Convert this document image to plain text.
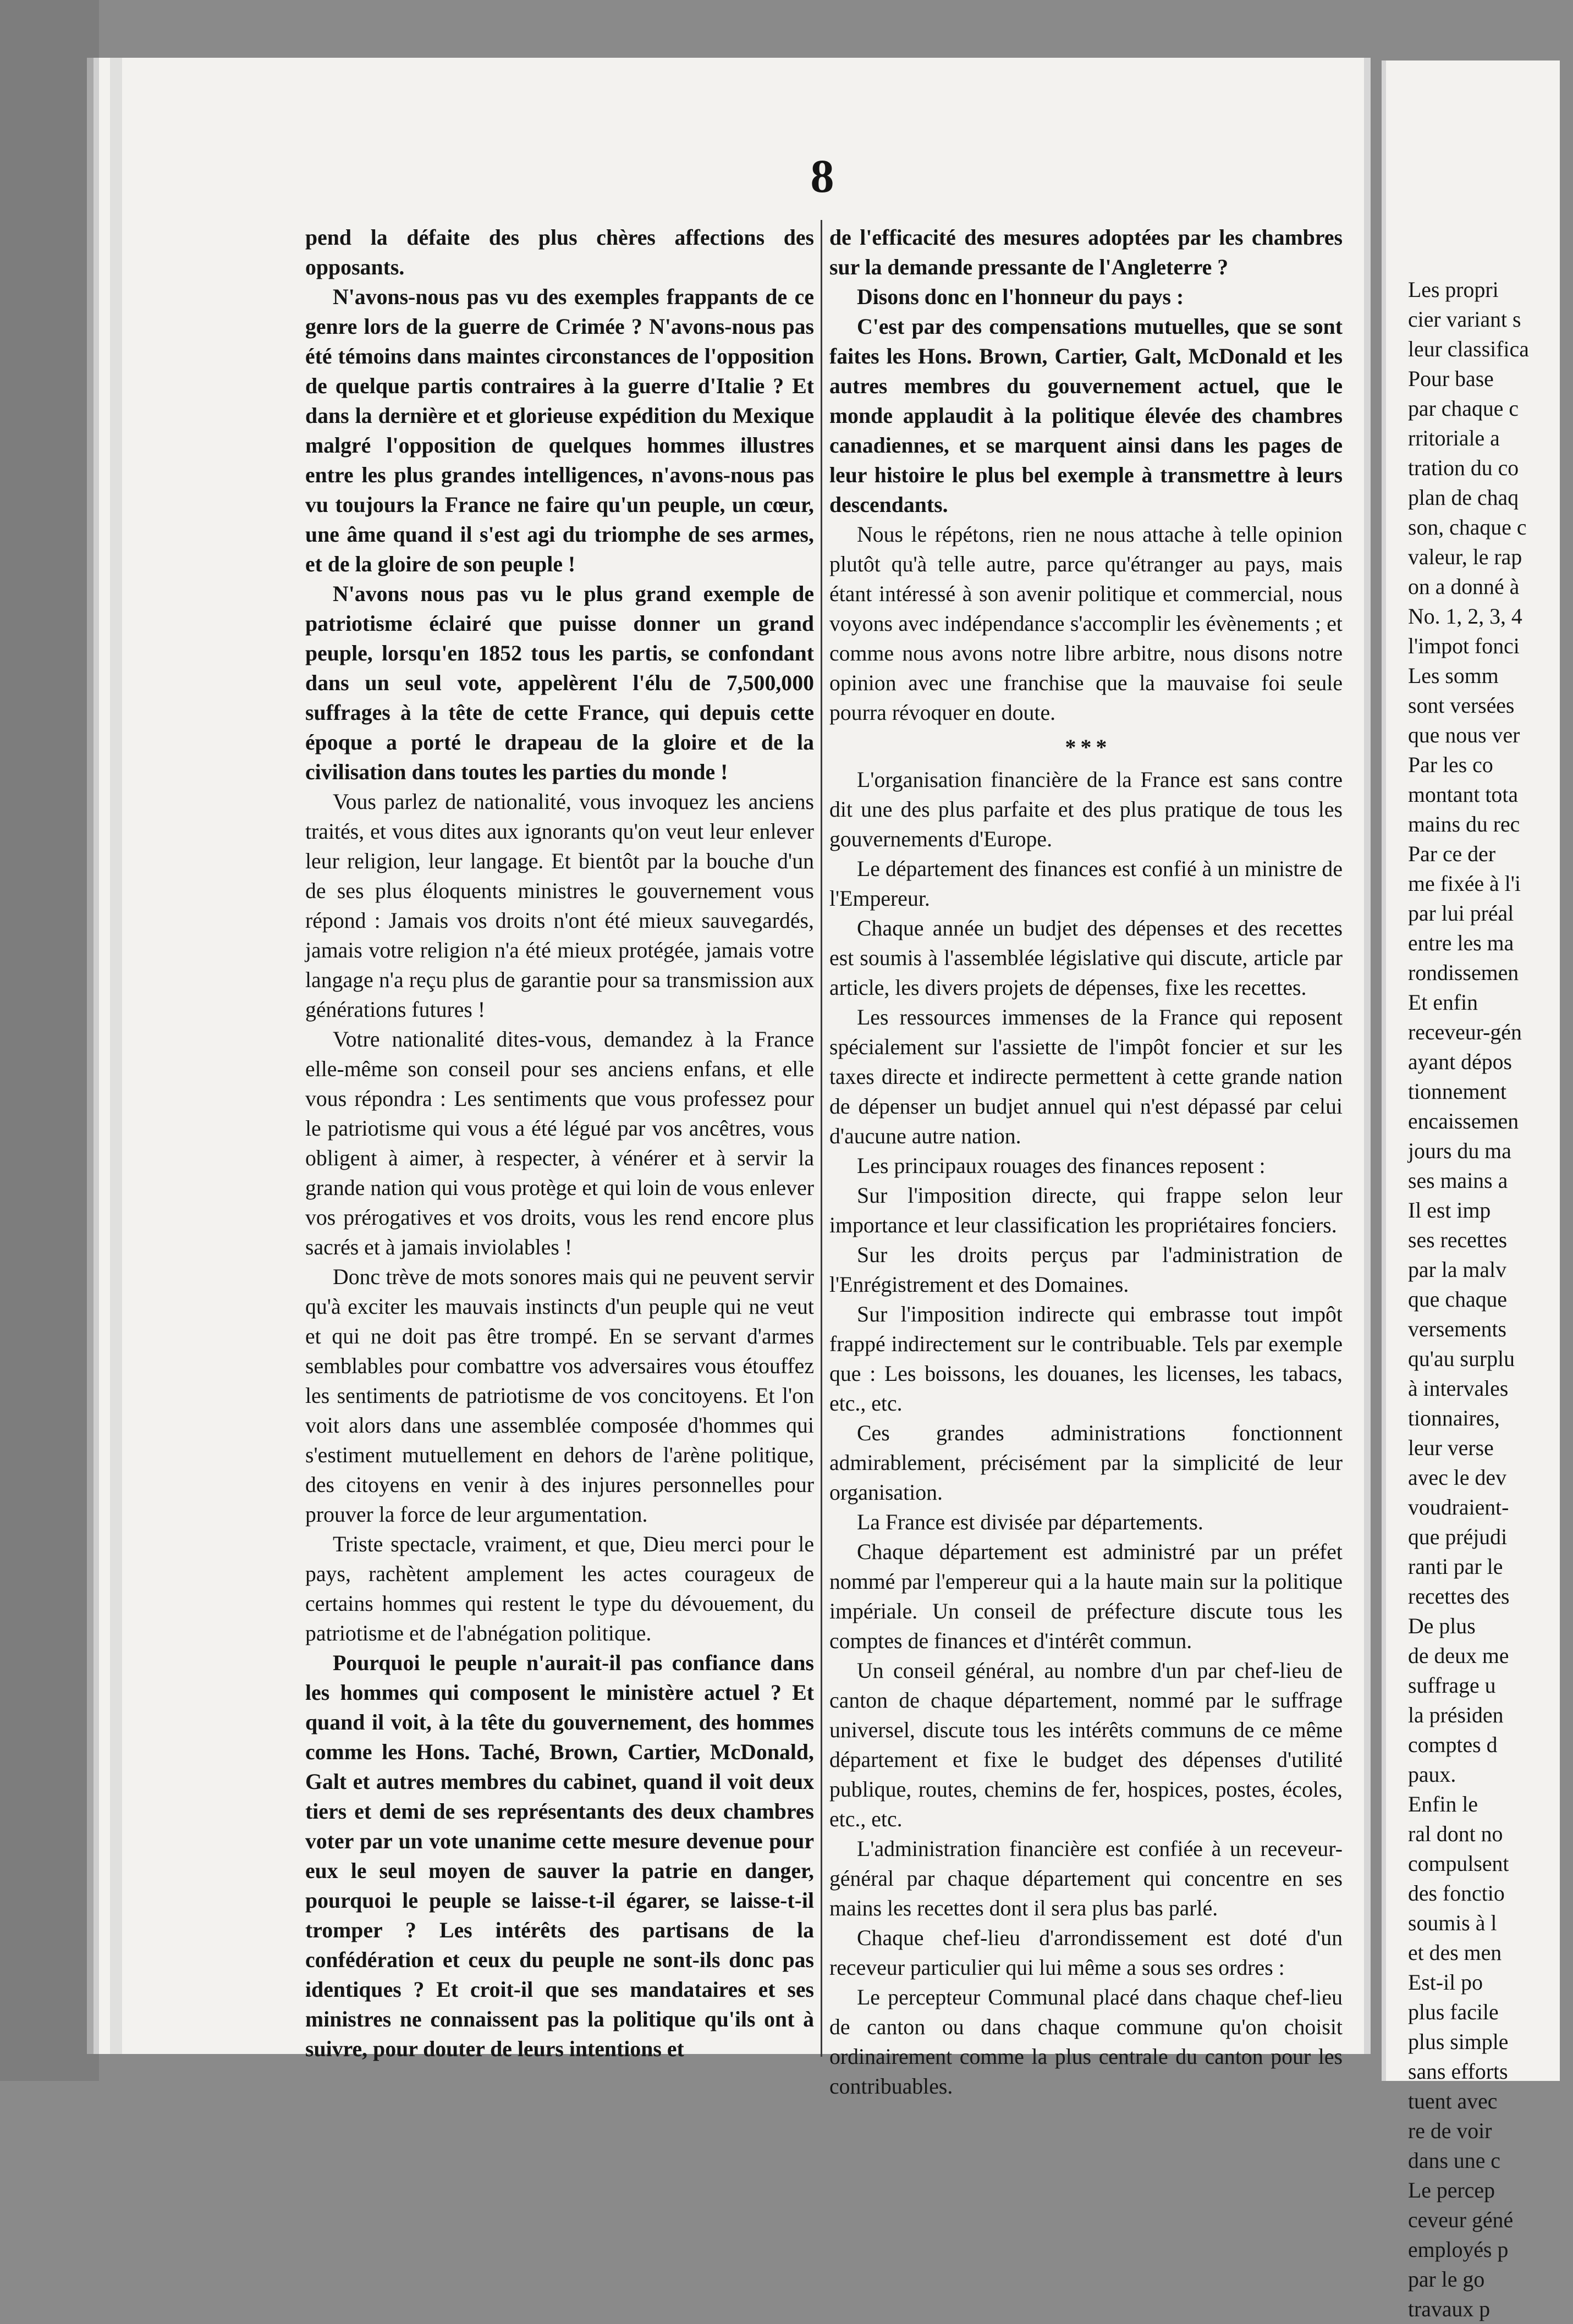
Les propri

cier variant s

leur classifica

Pour base

par chaque c

rritoriale a

tration du co

plan de chaq

son, chaque c

valeur, le rap

on a donné à

No. 1, 2, 3, 4

l'impot fonci

Les somm

sont versées

que nous ver

Par les co

montant tota

mains du rec

Par ce der

me fixée à l'i

par lui préal

entre les ma

rondissemen

Et enfin

receveur-gén

ayant dépos

tionnement

encaissemen

jours du ma

ses mains a

Il est imp

ses recettes

par la malv

que chaque

versements

qu'au surplu

à intervales

tionnaires,

leur verse

avec le dev

voudraient-

que préjudi

ranti par le

recettes des

De plus

de deux me

suffrage u

la présiden

comptes d

paux.

Enfin le

ral dont no

compulsent

des fonctio

soumis à l

et des men

Est-il po

plus facile

plus simple

sans efforts

tuent avec

re de voir

dans une c

Le percep

ceveur géné

employés p

par le go

travaux p

8

pend la défaite des plus chères affections des opposants.

N'avons-nous pas vu des exemples frappants de ce genre lors de la guerre de Crimée ? N'avons-nous pas été témoins dans maintes circonstances de l'opposition de quelque partis contraires à la guerre d'Italie ? Et dans la dernière et et glorieuse expédition du Mexique malgré l'opposition de quelques hommes illustres entre les plus grandes intelligences, n'avons-nous pas vu toujours la France ne faire qu'un peuple, un cœur, une âme quand il s'est agi du triomphe de ses armes, et de la gloire de son peuple !

N'avons nous pas vu le plus grand exemple de patriotisme éclairé que puisse donner un grand peuple, lorsqu'en 1852 tous les partis, se confondant dans un seul vote, appelèrent l'élu de 7,500,000 suffrages à la tête de cette France, qui depuis cette époque a porté le drapeau de la gloire et de la civilisation dans toutes les parties du monde !

Vous parlez de nationalité, vous invoquez les anciens traités, et vous dites aux ignorants qu'on veut leur enlever leur religion, leur langage. Et bientôt par la bouche d'un de ses plus éloquents ministres le gouvernement vous répond : Jamais vos droits n'ont été mieux sauvegardés, jamais votre religion n'a été mieux protégée, jamais votre langage n'a reçu plus de garantie pour sa transmission aux générations futures !

Votre nationalité dites-vous, demandez à la France elle-même son conseil pour ses anciens enfans, et elle vous répondra : Les sentiments que vous professez pour le patriotisme qui vous a été légué par vos ancêtres, vous obligent à aimer, à respecter, à vénérer et à servir la grande nation qui vous protège et qui loin de vous enlever vos prérogatives et vos droits, vous les rend encore plus sacrés et à jamais inviolables !

Donc trève de mots sonores mais qui ne peuvent servir qu'à exciter les mauvais instincts d'un peuple qui ne veut et qui ne doit pas être trompé. En se servant d'armes semblables pour combattre vos adversaires vous étouffez les sentiments de patriotisme de vos concitoyens. Et l'on voit alors dans une assemblée composée d'hommes qui s'estiment mutuellement en dehors de l'arène politique, des citoyens en venir à des injures personnelles pour prouver la force de leur argumentation.

Triste spectacle, vraiment, et que, Dieu merci pour le pays, rachètent amplement les actes courageux de certains hommes qui restent le type du dévouement, du patriotisme et de l'abnégation politique.

Pourquoi le peuple n'aurait-il pas confiance dans les hommes qui composent le ministère actuel ? Et quand il voit, à la tête du gouvernement, des hommes comme les Hons. Taché, Brown, Cartier, McDonald, Galt et autres membres du cabinet, quand il voit deux tiers et demi de ses représentants des deux chambres voter par un vote unanime cette mesure devenue pour eux le seul moyen de sauver la patrie en danger, pourquoi le peuple se laisse-t-il égarer, se laisse-t-il tromper ? Les intérêts des partisans de la confédération et ceux du peuple ne sont-ils donc pas identiques ? Et croit-il que ses mandataires et ses ministres ne connaissent pas la politique qu'ils ont à suivre, pour douter de leurs intentions et

de l'efficacité des mesures adoptées par les chambres sur la demande pressante de l'Angleterre ?

Disons donc en l'honneur du pays :

C'est par des compensations mutuelles, que se sont faites les Hons. Brown, Cartier, Galt, McDonald et les autres membres du gouvernement actuel, que le monde applaudit à la politique élevée des chambres canadiennes, et se marquent ainsi dans les pages de leur histoire le plus bel exemple à transmettre à leurs descendants.

Nous le répétons, rien ne nous attache à telle opinion plutôt qu'à telle autre, parce qu'étranger au pays, mais étant intéressé à son avenir politique et commercial, nous voyons avec indépendance s'accomplir les évènements ; et comme nous avons notre libre arbitre, nous disons notre opinion avec une franchise que la mauvaise foi seule pourra révoquer en doute.

* * *

L'organisation financière de la France est sans contre dit une des plus parfaite et des plus pratique de tous les gouvernements d'Europe.

Le département des finances est confié à un ministre de l'Empereur.

Chaque année un budjet des dépenses et des recettes est soumis à l'assemblée législative qui discute, article par article, les divers projets de dépenses, fixe les recettes.

Les ressources immenses de la France qui reposent spécialement sur l'assiette de l'impôt foncier et sur les taxes directe et indirecte permettent à cette grande nation de dépenser un budjet annuel qui n'est dépassé par celui d'aucune autre nation.

Les principaux rouages des finances reposent :

Sur l'imposition directe, qui frappe selon leur importance et leur classification les propriétaires fonciers.

Sur les droits perçus par l'administration de l'Enrégistrement et des Domaines.

Sur l'imposition indirecte qui embrasse tout impôt frappé indirectement sur le contribuable. Tels par exemple que : Les boissons, les douanes, les licenses, les tabacs, etc., etc.

Ces grandes administrations fonctionnent admirablement, précisément par la simplicité de leur organisation.

La France est divisée par départements.

Chaque département est administré par un préfet nommé par l'empereur qui a la haute main sur la politique impériale. Un conseil de préfecture discute tous les comptes de finances et d'intérêt commun.

Un conseil général, au nombre d'un par chef-lieu de canton de chaque département, nommé par le suffrage universel, discute tous les intérêts communs de ce même département et fixe le budget des dépenses d'utilité publique, routes, chemins de fer, hospices, postes, écoles, etc., etc.

L'administration financière est confiée à un receveur-général par chaque département qui concentre en ses mains les recettes dont il sera plus bas parlé.

Chaque chef-lieu d'arrondissement est doté d'un receveur particulier qui lui même a sous ses ordres :

Le percepteur Communal placé dans chaque chef-lieu de canton ou dans chaque commune qu'on choisit ordinairement comme la plus centrale du canton pour les contribuables.
